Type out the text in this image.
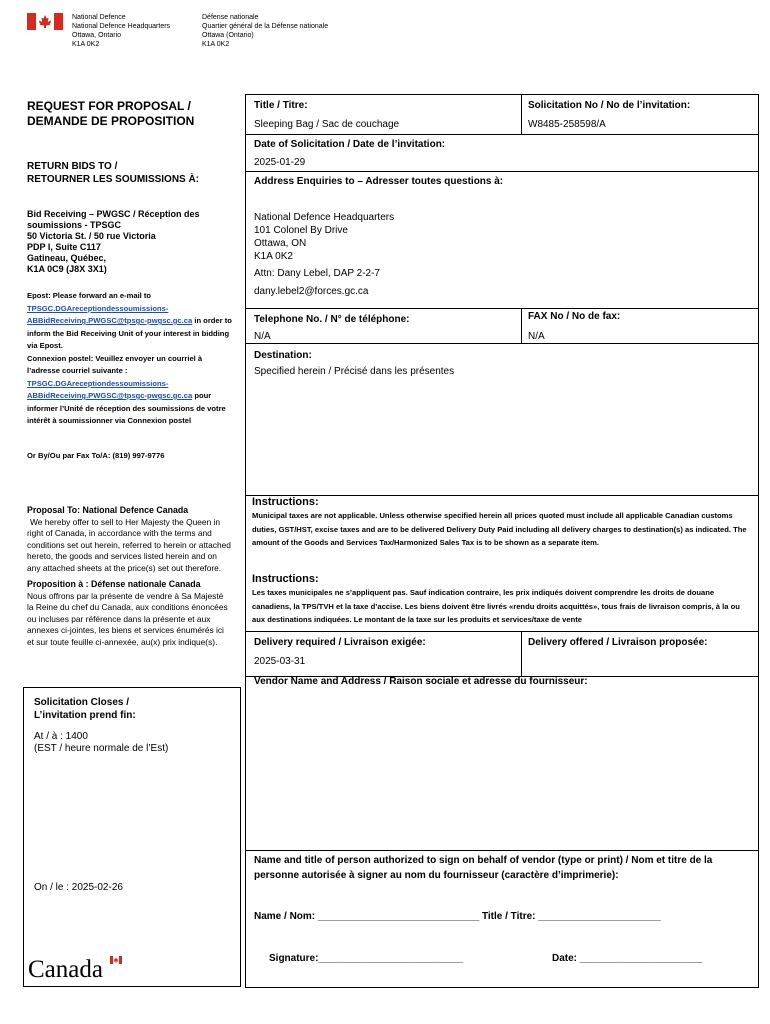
National Defence
National Defence Headquarters
Ottawa, Ontario
K1A 0K2
Défense nationale
Quartier général de la Défense nationale
Ottawa (Ontario)
K1A 0K2
REQUEST FOR PROPOSAL /
DEMANDE DE PROPOSITION
RETURN BIDS TO /
RETOURNER LES SOUMISSIONS À:
Bid Receiving – PWGSC / Réception des
soumissions - TPSGC
50 Victoria St. / 50 rue Victoria
PDP I, Suite C117
Gatineau, Québec,
K1A 0C9 (J8X 3X1)
Epost: Please forward an e-mail to
TPSGC.DGAreceptiondessoumissions-ABBidReceiving.PWGSC@tpsgc-pwgsc.gc.ca in order to inform the Bid Receiving Unit of your interest in bidding via Epost.
Connexion postel: Veuillez envoyer un courriel à l’adresse courriel suivante :
TPSGC.DGAreceptiondessoumissions-ABBidReceiving.PWGSC@tpsgc-pwgsc.gc.ca pour informer l’Unité de réception des soumissions de votre intérêt à soumissionner via Connexion postel
Or By/Ou par Fax To/A: (819) 997-9776
Proposal To: National Defence Canada
We hereby offer to sell to Her Majesty the Queen in right of Canada, in accordance with the terms and conditions set out herein, referred to herein or attached hereto, the goods and services listed herein and on any attached sheets at the price(s) set out therefore.

Proposition à : Défense nationale Canada
Nous offrons par la présente de vendre à Sa Majesté la Reine du chef du Canada, aux conditions énoncées ou incluses par référence dans la présente et aux annexes ci-jointes, les biens et services énumérés ici et sur toute feuille ci-annexée, au(x) prix indique(s).
Solicitation Closes /
L’invitation prend fin:
At / à : 1400
(EST / heure normale de l’Est)
On / le : 2025-02-26
Canada
Title / Titre:
Sleeping Bag / Sac de couchage
Solicitation No / No de l’invitation:
W8485-258598/A
Date of Solicitation / Date de l’invitation:
2025-01-29
Address Enquiries to – Adresser toutes questions à:
National Defence Headquarters
101 Colonel By Drive
Ottawa, ON
K1A 0K2
Attn: Dany Lebel, DAP 2-2-7
dany.lebel2@forces.gc.ca
Telephone No. / N° de téléphone:
N/A
FAX No / No de fax:
N/A
Destination:
Specified herein / Précisé dans les présentes
Instructions:
Municipal taxes are not applicable. Unless otherwise specified herein all prices quoted must include all applicable Canadian customs duties, GST/HST, excise taxes and are to be delivered Delivery Duty Paid including all delivery charges to destination(s) as indicated. The amount of the Goods and Services Tax/Harmonized Sales Tax is to be shown as a separate item.
Instructions:
Les taxes municipales ne s’appliquent pas. Sauf indication contraire, les prix indiqués doivent comprendre les droits de douane canadiens, la TPS/TVH et la taxe d’accise. Les biens doivent être livrés «rendu droits acquittés», tous frais de livraison compris, à la ou aux destinations indiquées. Le montant de la taxe sur les produits et services/taxe de vente
Delivery required / Livraison exigée:
2025-03-31
Delivery offered / Livraison proposée:
Vendor Name and Address / Raison sociale et adresse du fournisseur:
Name and title of person authorized to sign on behalf of vendor (type or print) / Nom et titre de la personne autorisée à signer au nom du fournisseur (caractère d’imprimerie):
Name / Nom: _____________________________ Title / Titre: ______________________
Signature:__________________________	Date: ______________________
